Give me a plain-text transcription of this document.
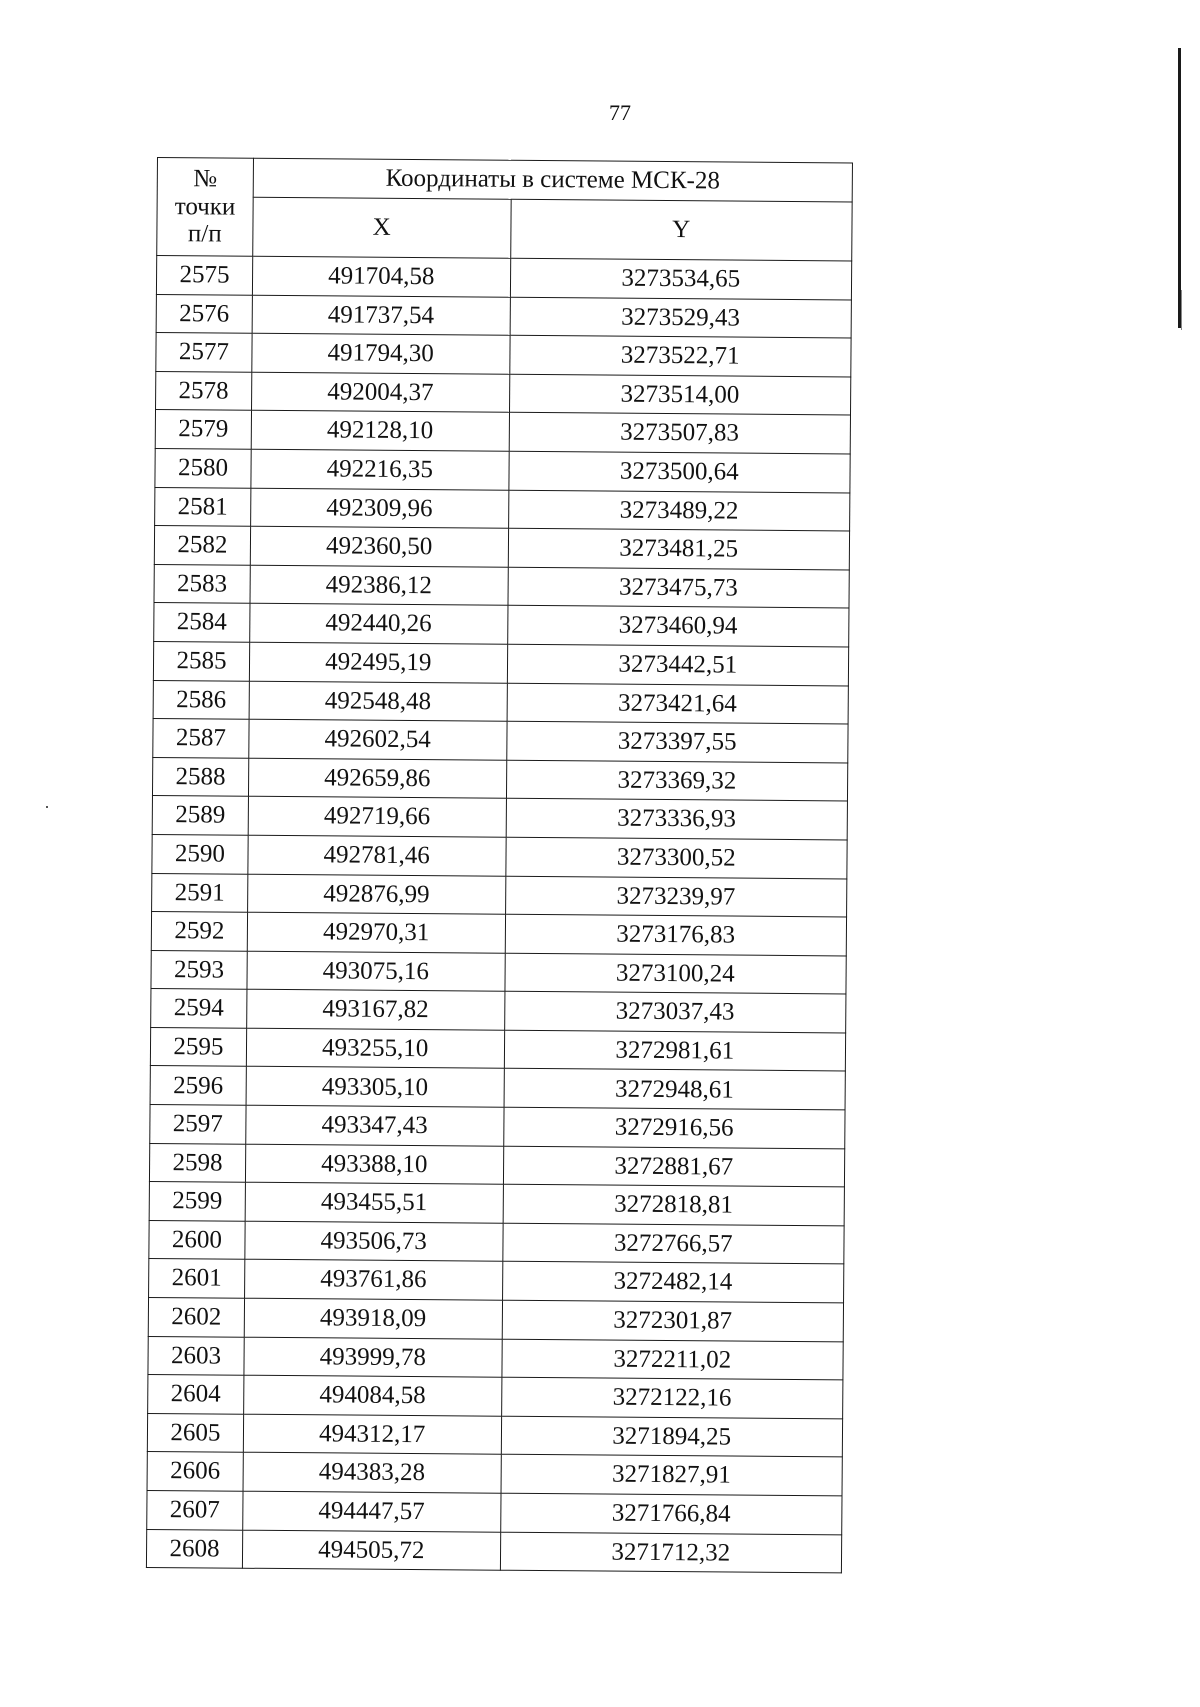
77
№
точки
п/п	Координаты в системе МСК-28	
	X	Y
2575	491704,58	3273534,65
2576	491737,54	3273529,43
2577	491794,30	3273522,71
2578	492004,37	3273514,00
2579	492128,10	3273507,83
2580	492216,35	3273500,64
2581	492309,96	3273489,22
2582	492360,50	3273481,25
2583	492386,12	3273475,73
2584	492440,26	3273460,94
2585	492495,19	3273442,51
2586	492548,48	3273421,64
2587	492602,54	3273397,55
2588	492659,86	3273369,32
2589	492719,66	3273336,93
2590	492781,46	3273300,52
2591	492876,99	3273239,97
2592	492970,31	3273176,83
2593	493075,16	3273100,24
2594	493167,82	3273037,43
2595	493255,10	3272981,61
2596	493305,10	3272948,61
2597	493347,43	3272916,56
2598	493388,10	3272881,67
2599	493455,51	3272818,81
2600	493506,73	3272766,57
2601	493761,86	3272482,14
2602	493918,09	3272301,87
2603	493999,78	3272211,02
2604	494084,58	3272122,16
2605	494312,17	3271894,25
2606	494383,28	3271827,91
2607	494447,57	3271766,84
2608	494505,72	3271712,32
